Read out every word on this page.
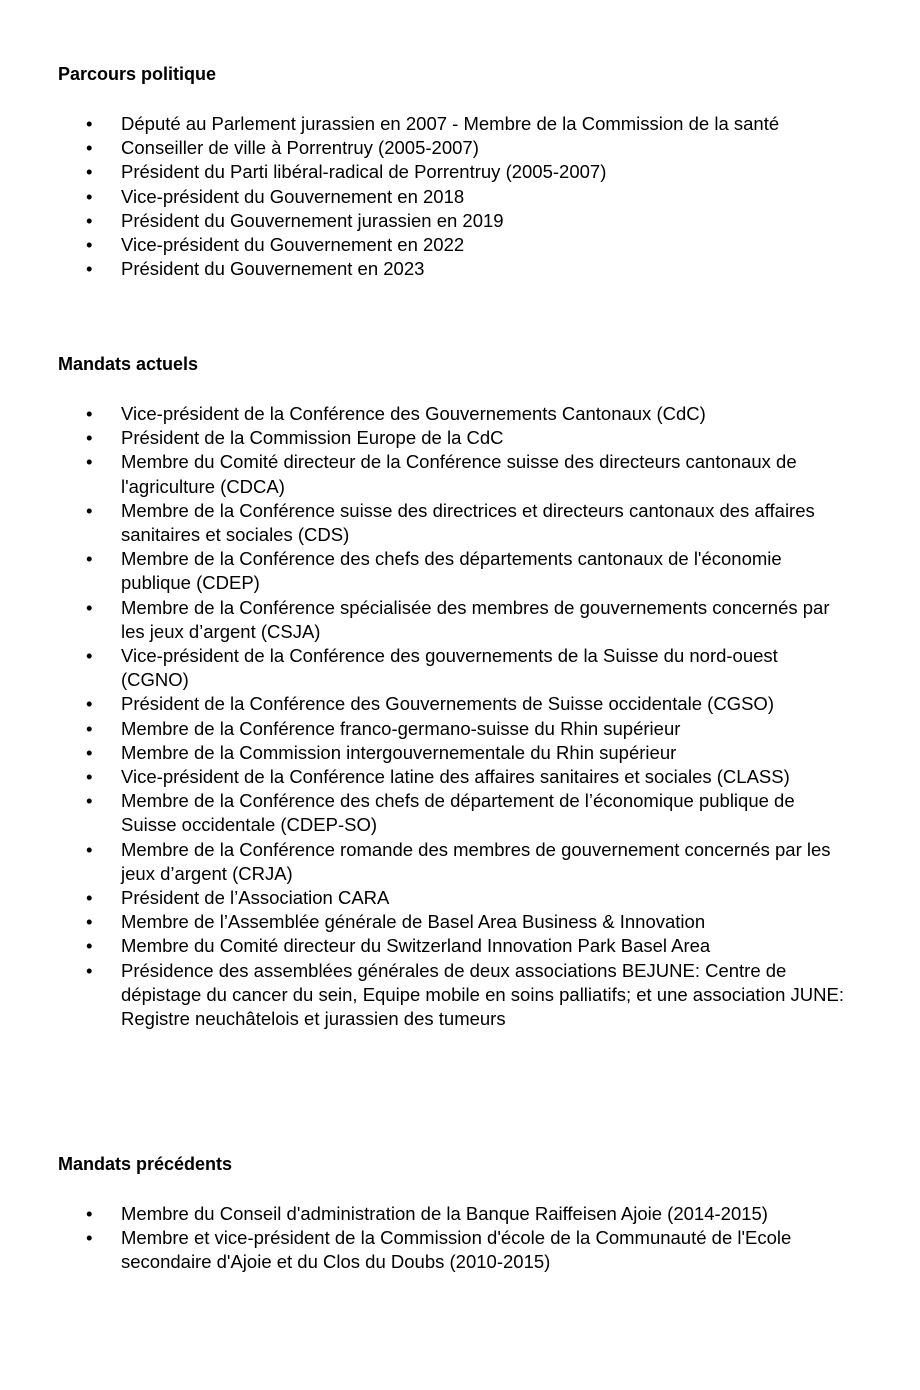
Parcours politique
•	Député au Parlement jurassien en 2007 - Membre de la Commission de la santé
•	Conseiller de ville à Porrentruy (2005-2007)
•	Président du Parti libéral-radical de Porrentruy (2005-2007)
•	Vice-président du Gouvernement en 2018
•	Président du Gouvernement jurassien en 2019
•	Vice-président du Gouvernement en 2022
•	Président du Gouvernement en 2023
Mandats actuels
•	Vice-président de la Conférence des Gouvernements Cantonaux (CdC)
•	Président de la Commission Europe de la CdC
•	Membre du Comité directeur de la Conférence suisse des directeurs cantonaux de l'agriculture (CDCA)
•	Membre de la Conférence suisse des directrices et directeurs cantonaux des affaires sanitaires et sociales (CDS)
•	Membre de la Conférence des chefs des départements cantonaux de l'économie publique (CDEP)
•	Membre de la Conférence spécialisée des membres de gouvernements concernés par les jeux d’argent (CSJA)
•	Vice-président de la Conférence des gouvernements de la Suisse du nord-ouest (CGNO)
•	Président de la Conférence des Gouvernements de Suisse occidentale (CGSO)
•	Membre de la Conférence franco-germano-suisse du Rhin supérieur
•	Membre de la Commission intergouvernementale du Rhin supérieur
•	Vice-président de la Conférence latine des affaires sanitaires et sociales (CLASS)
•	Membre de la Conférence des chefs de département de l’économique publique de Suisse occidentale (CDEP-SO)
•	Membre de la Conférence romande des membres de gouvernement concernés par les jeux d’argent (CRJA)
•	Président de l’Association CARA
•	Membre de l’Assemblée générale de Basel Area Business & Innovation
•	Membre du Comité directeur du Switzerland Innovation Park Basel Area
•	Présidence des assemblées générales de deux associations BEJUNE: Centre de dépistage du cancer du sein, Equipe mobile en soins palliatifs; et une association JUNE: Registre neuchâtelois et jurassien des tumeurs
Mandats précédents
•	Membre du Conseil d'administration de la Banque Raiffeisen Ajoie (2014-2015)
•	Membre et vice-président de la Commission d'école de la Communauté de l'Ecole secondaire d'Ajoie et du Clos du Doubs (2010-2015)
